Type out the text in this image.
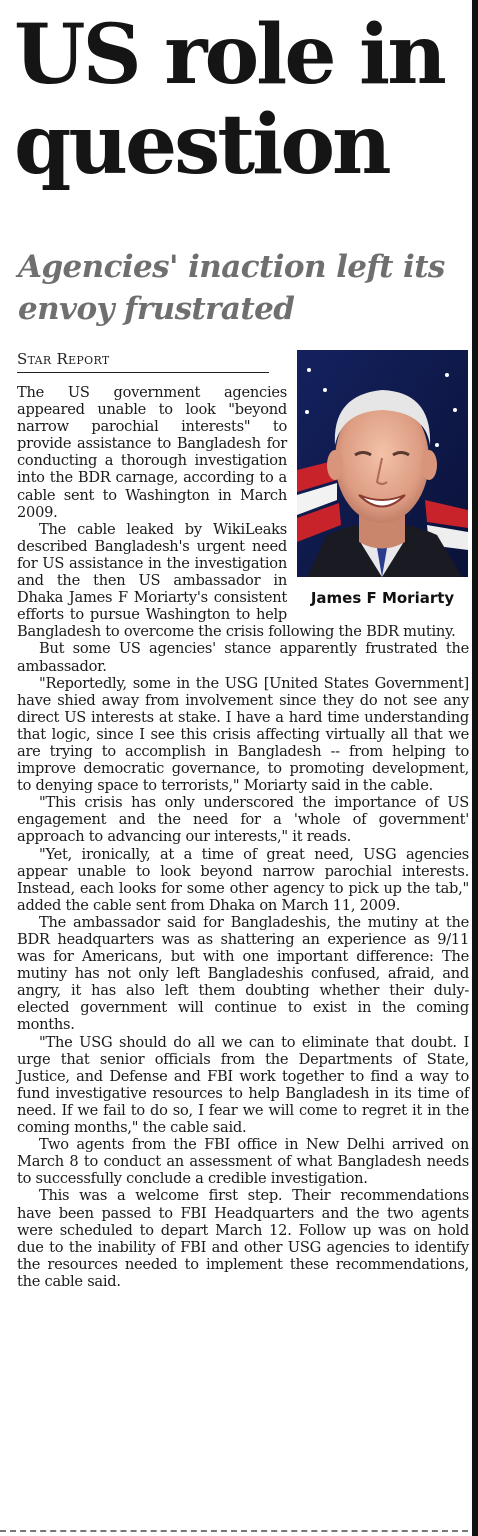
US role in question
Agencies' inaction left its envoy frustrated
Star Report
James F Moriarty

The US government agencies appeared unable to look "beyond narrow parochial interests" to provide assistance to Bangladesh for conducting a thorough investigation into the BDR carnage, according to a cable sent to Washington in March 2009.

The cable leaked by WikiLeaks described Bangladesh's urgent need for US assistance in the investigation and the then US ambassador in Dhaka James F Moriarty's consistent efforts to pursue Washington to help Bangladesh to overcome the crisis following the BDR mutiny.

But some US agencies' stance apparently frustrated the ambassador.

"Reportedly, some in the USG [United States Government] have shied away from involvement since they do not see any direct US interests at stake. I have a hard time understanding that logic, since I see this crisis affecting virtually all that we are trying to accomplish in Bangladesh -- from helping to improve democratic governance, to promoting development, to denying space to terrorists," Moriarty said in the cable.

"This crisis has only underscored the importance of US engagement and the need for a 'whole of government' approach to advancing our interests," it reads.

"Yet, ironically, at a time of great need, USG agencies appear unable to look beyond narrow parochial interests. Instead, each looks for some other agency to pick up the tab," added the cable sent from Dhaka on March 11, 2009.

The ambassador said for Bangladeshis, the mutiny at the BDR headquarters was as shattering an experience as 9/11 was for Americans, but with one important difference: The mutiny has not only left Bangladeshis confused, afraid, and angry, it has also left them doubting whether their duly-elected government will continue to exist in the coming months.

"The USG should do all we can to eliminate that doubt. I urge that senior officials from the Departments of State, Justice, and Defense and FBI work together to find a way to fund investigative resources to help Bangladesh in its time of need. If we fail to do so, I fear we will come to regret it in the coming months," the cable said.

Two agents from the FBI office in New Delhi arrived on March 8 to conduct an assessment of what Bangladesh needs to successfully conclude a credible investigation.

This was a welcome first step. Their recommendations have been passed to FBI Headquarters and the two agents were scheduled to depart March 12. Follow up was on hold due to the inability of FBI and other USG agencies to identify the resources needed to implement these recommendations, the cable said.
